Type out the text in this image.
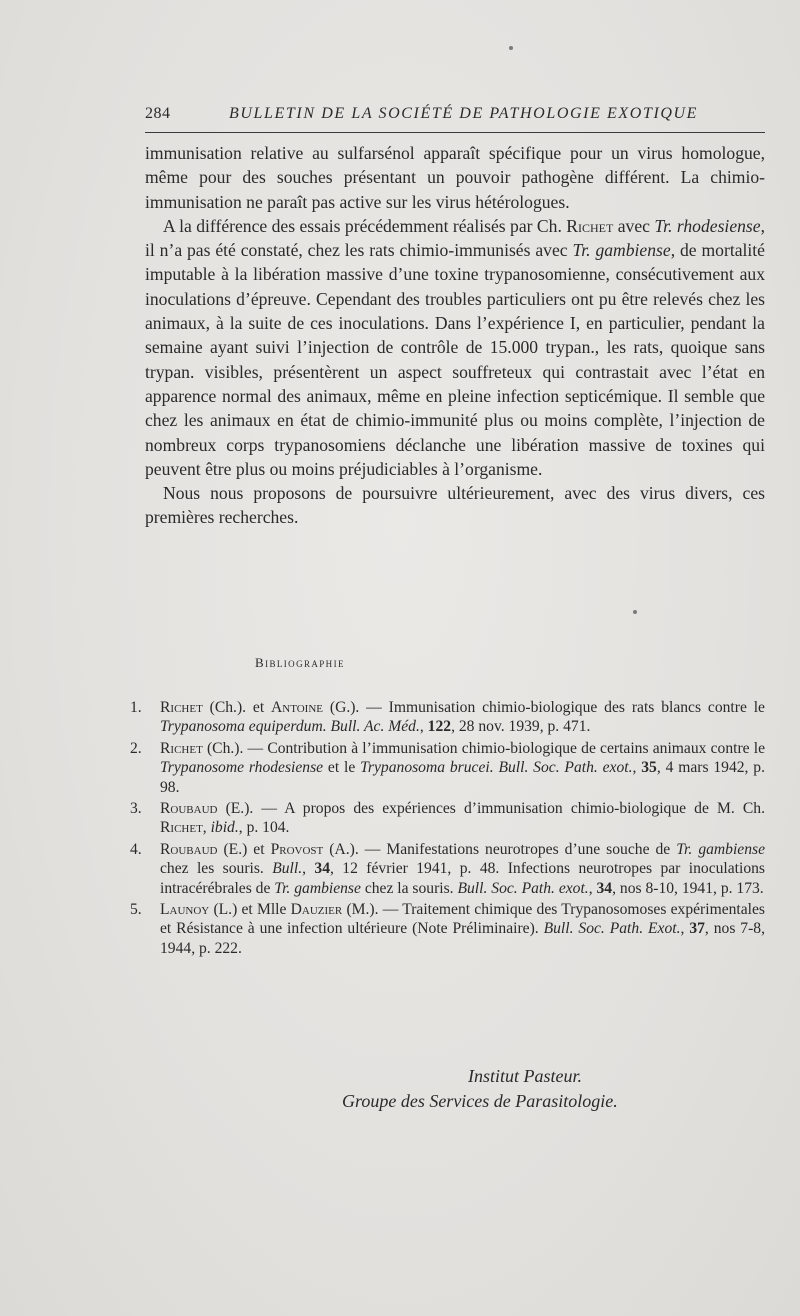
284	BULLETIN DE LA SOCIÉTÉ DE PATHOLOGIE EXOTIQUE

immunisation relative au sulfarsénol apparaît spécifique pour un virus homologue, même pour des souches présentant un pouvoir pathogène différent. La chimio-immunisation ne paraît pas active sur les virus hétérologues.

A la différence des essais précédemment réalisés par Ch. Richet avec Tr. rhodesiense, il n’a pas été constaté, chez les rats chimio-immunisés avec Tr. gambiense, de mortalité imputable à la libération massive d’une toxine trypanosomienne, consécutivement aux inoculations d’épreuve. Cependant des troubles particuliers ont pu être relevés chez les animaux, à la suite de ces inoculations. Dans l’expérience I, en particulier, pendant la semaine ayant suivi l’injection de contrôle de 15.000 trypan., les rats, quoique sans trypan. visibles, présentèrent un aspect souffreteux qui contrastait avec l’état en apparence normal des animaux, même en pleine infection septicémique. Il semble que chez les animaux en état de chimio-immunité plus ou moins complète, l’injection de nombreux corps trypanosomiens déclanche une libération massive de toxines qui peuvent être plus ou moins préjudiciables à l’organisme.

Nous nous proposons de poursuivre ultérieurement, avec des virus divers, ces premières recherches.

Bibliographie
1.	Richet (Ch.). et Antoine (G.). — Immunisation chimio-biologique des rats blancs contre le Trypanosoma equiperdum. Bull. Ac. Méd., 122, 28 nov. 1939, p. 471.
2.	Richet (Ch.). — Contribution à l’immunisation chimio-biologique de certains animaux contre le Trypanosome rhodesiense et le Trypanosoma brucei. Bull. Soc. Path. exot., 35, 4 mars 1942, p. 98.
3.	Roubaud (E.). — A propos des expériences d’immunisation chimio-biologique de M. Ch. Richet, ibid., p. 104.
4.	Roubaud (E.) et Provost (A.). — Manifestations neurotropes d’une souche de Tr. gambiense chez les souris. Bull., 34, 12 février 1941, p. 48. Infections neurotropes par inoculations intracérébrales de Tr. gambiense chez la souris. Bull. Soc. Path. exot., 34, nos 8-10, 1941, p. 173.
5.	Launoy (L.) et Mlle Dauzier (M.). — Traitement chimique des Trypanosomoses expérimentales et Résistance à une infection ultérieure (Note Préliminaire). Bull. Soc. Path. Exot., 37, nos 7-8, 1944, p. 222.
Institut Pasteur.
Groupe des Services de Parasitologie.
